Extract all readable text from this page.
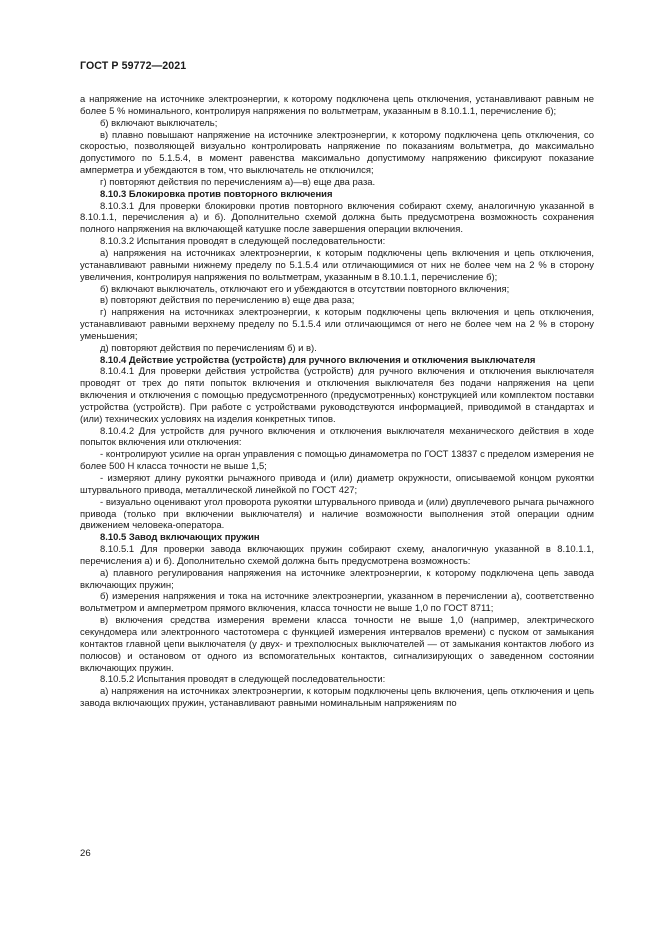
ГОСТ Р 59772—2021

а напряжение на источнике электроэнергии, к которому подключена цепь отключения, устанавливают равным не более 5 % номинального, контролируя напряжения по вольтметрам, указанным в 8.10.1.1, перечисление б);

б) включают выключатель;

в) плавно повышают напряжение на источнике электроэнергии, к которому подключена цепь отключения, со скоростью, позволяющей визуально контролировать напряжение по показаниям вольтметра, до максимально допустимого по 5.1.5.4, в момент равенства максимально допустимому напряжению фиксируют показание амперметра и убеждаются в том, что выключатель не отключился;

г) повторяют действия по перечислениям а)—в) еще два раза.

8.10.3 Блокировка против повторного включения

8.10.3.1 Для проверки блокировки против повторного включения собирают схему, аналогичную указанной в 8.10.1.1, перечисления а) и б). Дополнительно схемой должна быть предусмотрена возможность сохранения полного напряжения на включающей катушке после завершения операции включения.

8.10.3.2 Испытания проводят в следующей последовательности:

а) напряжения на источниках электроэнергии, к которым подключены цепь включения и цепь отключения, устанавливают равными нижнему пределу по 5.1.5.4 или отличающимися от них не более чем на 2 % в сторону увеличения, контролируя напряжения по вольтметрам, указанным в 8.10.1.1, перечисление б);

б) включают выключатель, отключают его и убеждаются в отсутствии повторного включения;

в) повторяют действия по перечислению в) еще два раза;

г) напряжения на источниках электроэнергии, к которым подключены цепь включения и цепь отключения, устанавливают равными верхнему пределу по 5.1.5.4 или отличающимся от него не более чем на 2 % в сторону уменьшения;

д) повторяют действия по перечислениям б) и в).

8.10.4 Действие устройства (устройств) для ручного включения и отключения выключателя

8.10.4.1 Для проверки действия устройства (устройств) для ручного включения и отключения выключателя проводят от трех до пяти попыток включения и отключения выключателя без подачи напряжения на цепи включения и отключения с помощью предусмотренного (предусмотренных) конструкцией или комплектом поставки устройства (устройств). При работе с устройствами руководствуются информацией, приводимой в стандартах и (или) технических условиях на изделия конкретных типов.

8.10.4.2 Для устройств для ручного включения и отключения выключателя механического действия в ходе попыток включения или отключения:

- контролируют усилие на орган управления с помощью динамометра по ГОСТ 13837 с пределом измерения не более 500 Н класса точности не выше 1,5;

- измеряют длину рукоятки рычажного привода и (или) диаметр окружности, описываемой концом рукоятки штурвального привода, металлической линейкой по ГОСТ 427;

- визуально оценивают угол проворота рукоятки штурвального привода и (или) двуплечевого рычага рычажного привода (только при включении выключателя) и наличие возможности выполнения этой операции одним движением человека-оператора.

8.10.5 Завод включающих пружин

8.10.5.1 Для проверки завода включающих пружин собирают схему, аналогичную указанной в 8.10.1.1, перечисления а) и б). Дополнительно схемой должна быть предусмотрена возможность:

а) плавного регулирования напряжения на источнике электроэнергии, к которому подключена цепь завода включающих пружин;

б) измерения напряжения и тока на источнике электроэнергии, указанном в перечислении а), соответственно вольтметром и амперметром прямого включения, класса точности не выше 1,0 по ГОСТ 8711;

в) включения средства измерения времени класса точности не выше 1,0 (например, электрического секундомера или электронного частотомера с функцией измерения интервалов времени) с пуском от замыкания контактов главной цепи выключателя (у двух- и трехполюсных выключателей — от замыкания контактов любого из полюсов) и остановом от одного из вспомогательных контактов, сигнализирующих о заведенном состоянии включающих пружин.

8.10.5.2 Испытания проводят в следующей последовательности:

а) напряжения на источниках электроэнергии, к которым подключены цепь включения, цепь отключения и цепь завода включающих пружин, устанавливают равными номинальным напряжениям по

26
